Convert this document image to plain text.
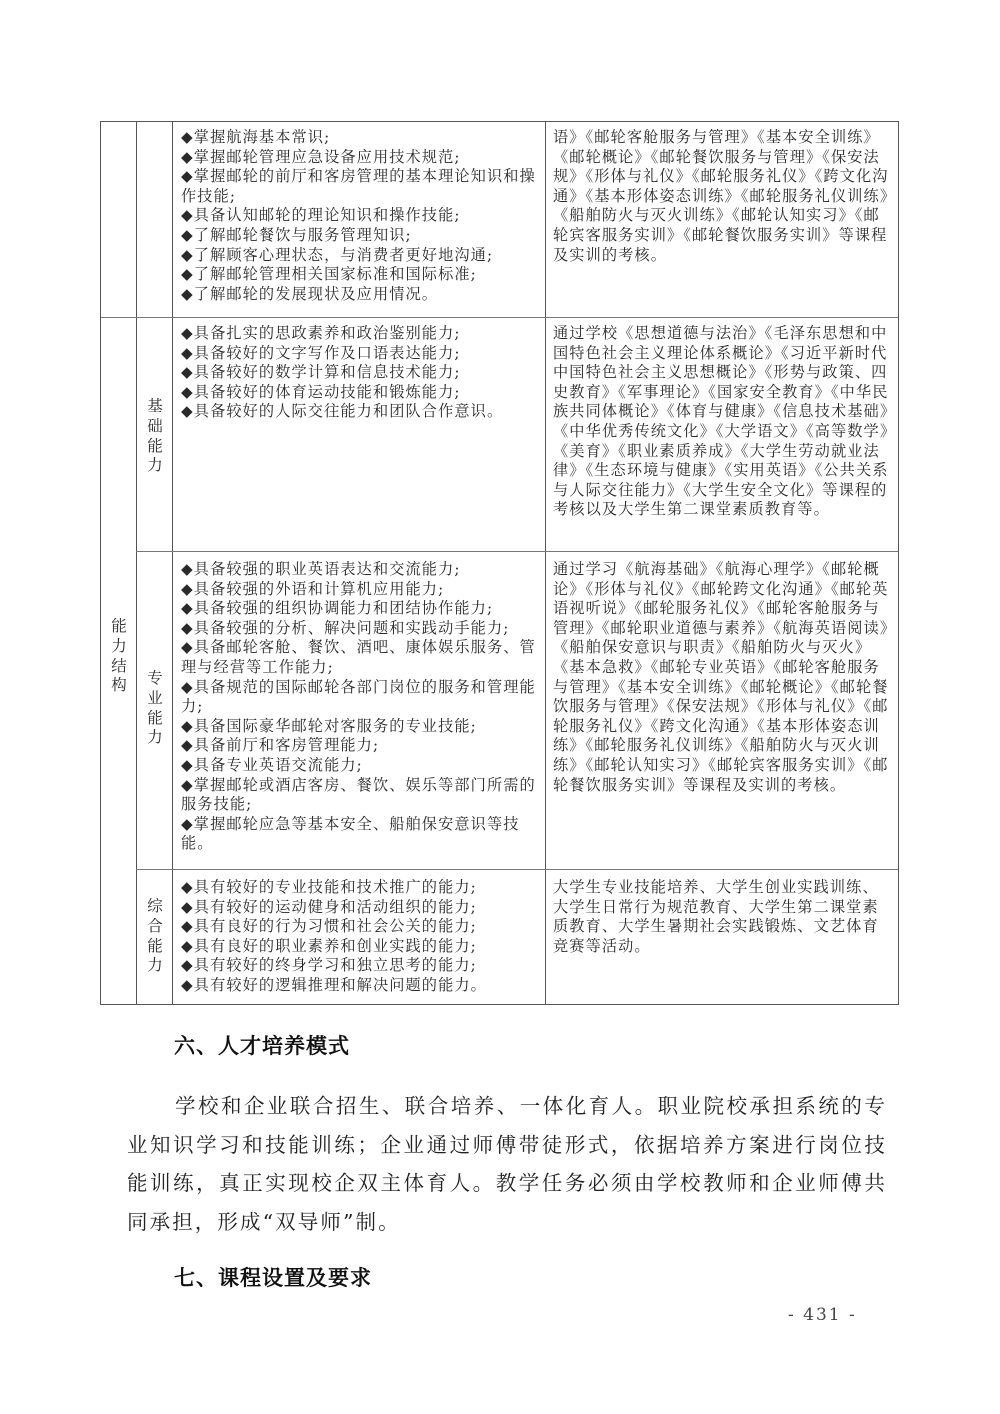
◆掌握航海基本常识;
◆掌握邮轮管理应急设备应用技术规范;
◆掌握邮轮的前厅和客房管理的基本理论知识和操作技能;
◆具备认知邮轮的理论知识和操作技能;
◆了解邮轮餐饮与服务管理知识;
◆了解顾客心理状态，与消费者更好地沟通;
◆了解邮轮管理相关国家标准和国际标准;
◆了解邮轮的发展现状及应用情况。
语》《邮轮客舱服务与管理》《基本安全训练》《邮轮概论》《邮轮餐饮服务与管理》《保安法规》《形体与礼仪》《邮轮服务礼仪》《跨文化沟通》《基本形体姿态训练》《邮轮服务礼仪训练》《船舶防火与灭火训练》《邮轮认知实习》《邮轮宾客服务实训》《邮轮餐饮服务实训》等课程及实训的考核。
能力结构
基础能力
◆具备扎实的思政素养和政治鉴别能力;
◆具备较好的文字写作及口语表达能力;
◆具备较好的数学计算和信息技术能力;
◆具备较好的体育运动技能和锻炼能力;
◆具备较好的人际交往能力和团队合作意识。
通过学校《思想道德与法治》《毛泽东思想和中国特色社会主义理论体系概论》《习近平新时代中国特色社会主义思想概论》《形势与政策、四史教育》《军事理论》《国家安全教育》《中华民族共同体概论》《体育与健康》《信息技术基础》《中华优秀传统文化》《大学语文》《高等数学》《美育》《职业素质养成》《大学生劳动就业法律》《生态环境与健康》《实用英语》《公共关系与人际交往能力》《大学生安全文化》等课程的考核以及大学生第二课堂素质教育等。
专业能力
◆具备较强的职业英语表达和交流能力;
◆具备较强的外语和计算机应用能力;
◆具备较强的组织协调能力和团结协作能力;
◆具备较强的分析、解决问题和实践动手能力;
◆具备邮轮客舱、餐饮、酒吧、康体娱乐服务、管理与经营等工作能力;
◆具备规范的国际邮轮各部门岗位的服务和管理能力;
◆具备国际豪华邮轮对客服务的专业技能;
◆具备前厅和客房管理能力;
◆具备专业英语交流能力;
◆掌握邮轮或酒店客房、餐饮、娱乐等部门所需的服务技能;
◆掌握邮轮应急等基本安全、船舶保安意识等技能。
通过学习《航海基础》《航海心理学》《邮轮概论》《形体与礼仪》《邮轮跨文化沟通》《邮轮英语视听说》《邮轮服务礼仪》《邮轮客舱服务与管理》《邮轮职业道德与素养》《航海英语阅读》《船舶保安意识与职责》《船舶防火与灭火》《基本急救》《邮轮专业英语》《邮轮客舱服务与管理》《基本安全训练》《邮轮概论》《邮轮餐饮服务与管理》《保安法规》《形体与礼仪》《邮轮服务礼仪》《跨文化沟通》《基本形体姿态训练》《邮轮服务礼仪训练》《船舶防火与灭火训练》《邮轮认知实习》《邮轮宾客服务实训》《邮轮餐饮服务实训》等课程及实训的考核。
综合能力
◆具有较好的专业技能和技术推广的能力;
◆具有较好的运动健身和活动组织的能力;
◆具有良好的行为习惯和社会公关的能力;
◆具有良好的职业素养和创业实践的能力;
◆具有较好的终身学习和独立思考的能力;
◆具有较好的逻辑推理和解决问题的能力。
大学生专业技能培养、大学生创业实践训练、大学生日常行为规范教育、大学生第二课堂素质教育、大学生暑期社会实践锻炼、文艺体育竞赛等活动。
六、人才培养模式
学校和企业联合招生、联合培养、一体化育人。职业院校承担系统的专业知识学习和技能训练；企业通过师傅带徒形式，依据培养方案进行岗位技能训练，真正实现校企双主体育人。教学任务必须由学校教师和企业师傅共同承担，形成“双导师”制。
七、课程设置及要求
- 431 -
